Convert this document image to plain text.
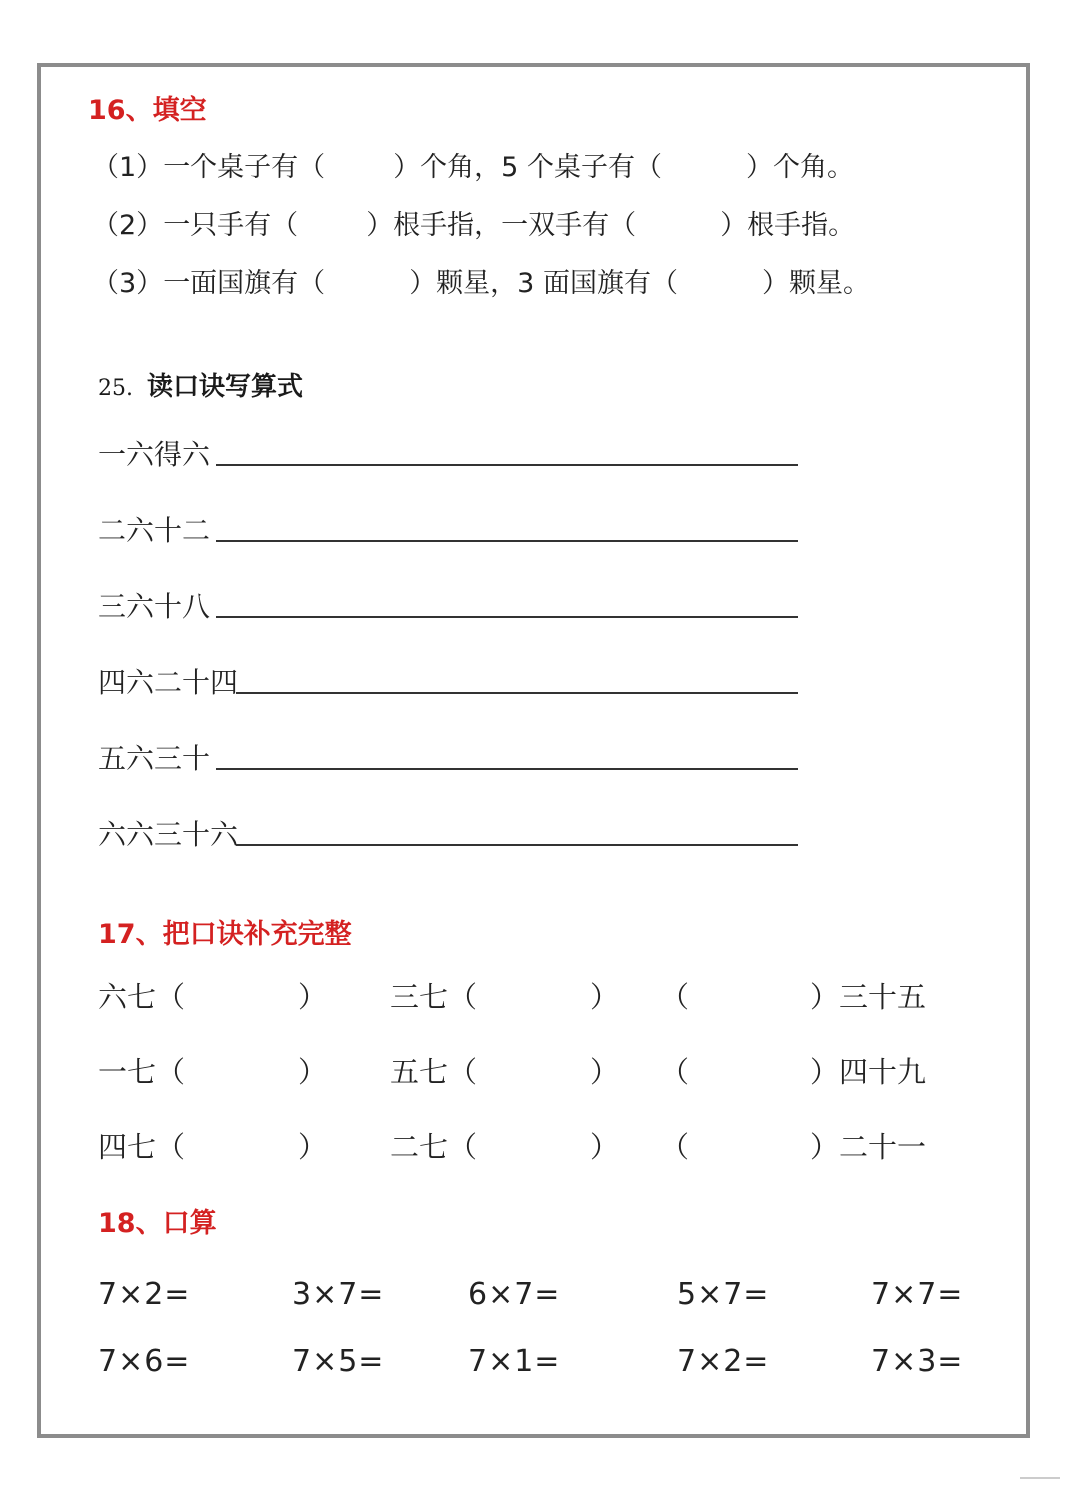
16、填空
（1）一个桌子有（	）个角，5 个桌子有（	）个角。
（2）一只手有（	）根手指，一双手有（	）根手指。
（3）一面国旗有（	）颗星，3 面国旗有（	）颗星。
25. 读口诀写算式
一六得六
二六十二
三六十八
四六二十四
五六三十
六六三十六
17、把口诀补充完整
六七（	） 三七（	） （	）三十五
一七（	） 五七（	） （	）四十九
四七（	） 二七（	） （	）二十一
18、口算
7×2=	3×7=	6×7=	5×7=	7×7=
7×6=	7×5=	7×1=	7×2=	7×3=
